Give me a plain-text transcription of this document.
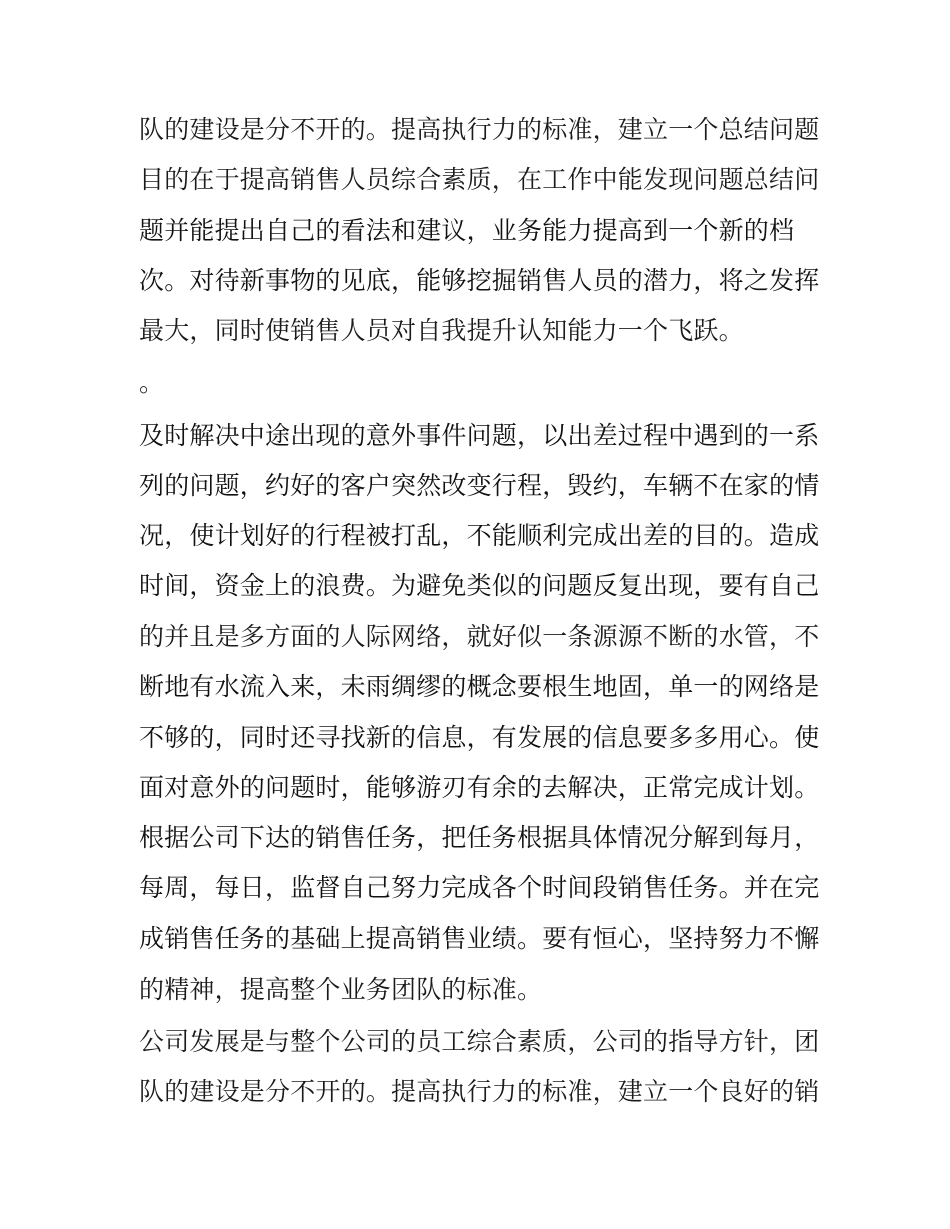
队的建设是分不开的。提高执行力的标准，建立一个总结问题
目的在于提高销售人员综合素质，在工作中能发现问题总结问
题并能提出自己的看法和建议，业务能力提高到一个新的档
次。对待新事物的见底，能够挖掘销售人员的潜力，将之发挥
最大，同时使销售人员对自我提升认知能力一个飞跃。
。
及时解决中途出现的意外事件问题，以出差过程中遇到的一系
列的问题，约好的客户突然改变行程，毁约，车辆不在家的情
况，使计划好的行程被打乱，不能顺利完成出差的目的。造成
时间，资金上的浪费。为避免类似的问题反复出现，要有自己
的并且是多方面的人际网络，就好似一条源源不断的水管，不
断地有水流入来，未雨绸缪的概念要根生地固，单一的网络是
不够的，同时还寻找新的信息，有发展的信息要多多用心。使
面对意外的问题时，能够游刃有余的去解决，正常完成计划。
根据公司下达的销售任务，把任务根据具体情况分解到每月，
每周，每日，监督自己努力完成各个时间段销售任务。并在完
成销售任务的基础上提高销售业绩。要有恒心，坚持努力不懈
的精神，提高整个业务团队的标准。
公司发展是与整个公司的员工综合素质，公司的指导方针，团
队的建设是分不开的。提高执行力的标准，建立一个良好的销
